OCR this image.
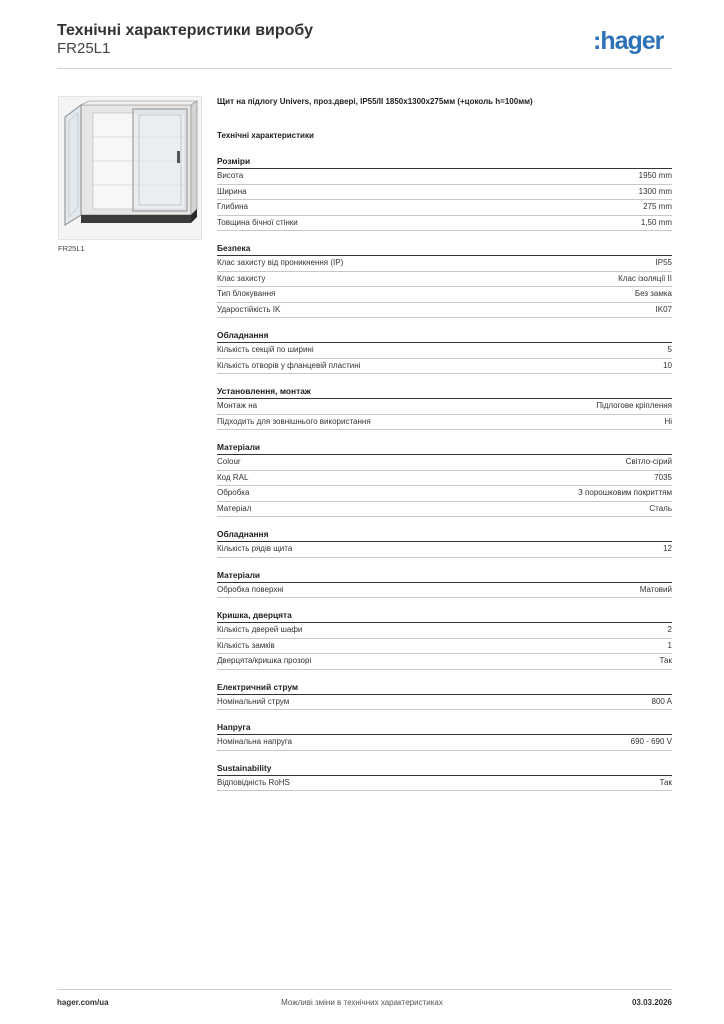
Технічні характеристики виробу
FR25L1	:hager
FR25L1
Щит на підлогу Univers, проз.двері, IP55/II 1850x1300x275мм (+цоколь h=100мм)
Технічні характеристики
Розміри
Висота	1950 mm
Ширина	1300 mm
Глибина	275 mm
Товщина бічної стінки	1,50 mm
Безпека
Клас захисту від проникнення (IP)	IP55
Клас захисту	Клас ізоляції II
Тип блокування	Без замка
Ударостійкість IK	IK07
Обладнання
Кількість секцій по ширині	5
Кількість отворів у фланцевій пластині	10
Установлення, монтаж
Монтаж на	Підлогове кріплення
Підходить для зовнішнього використання	Ні
Матеріали
Colour	Світло-сірий
Код RAL	7035
Обробка	З порошковим покриттям
Матеріал	Сталь
Обладнання
Кількість рядів щита	12
Матеріали
Обробка поверхні	Матовий
Кришка, дверцята
Кількість дверей шафи	2
Кількість замків	1
Дверцята/кришка прозорі	Так
Електричний струм
Номінальний струм	800 A
Напруга
Номінальна напруга	690 - 690 V
Sustainability
Відповідність RoHS	Так
hager.com/ua	Можливі зміни в технічних характеристиках	03.03.2026
